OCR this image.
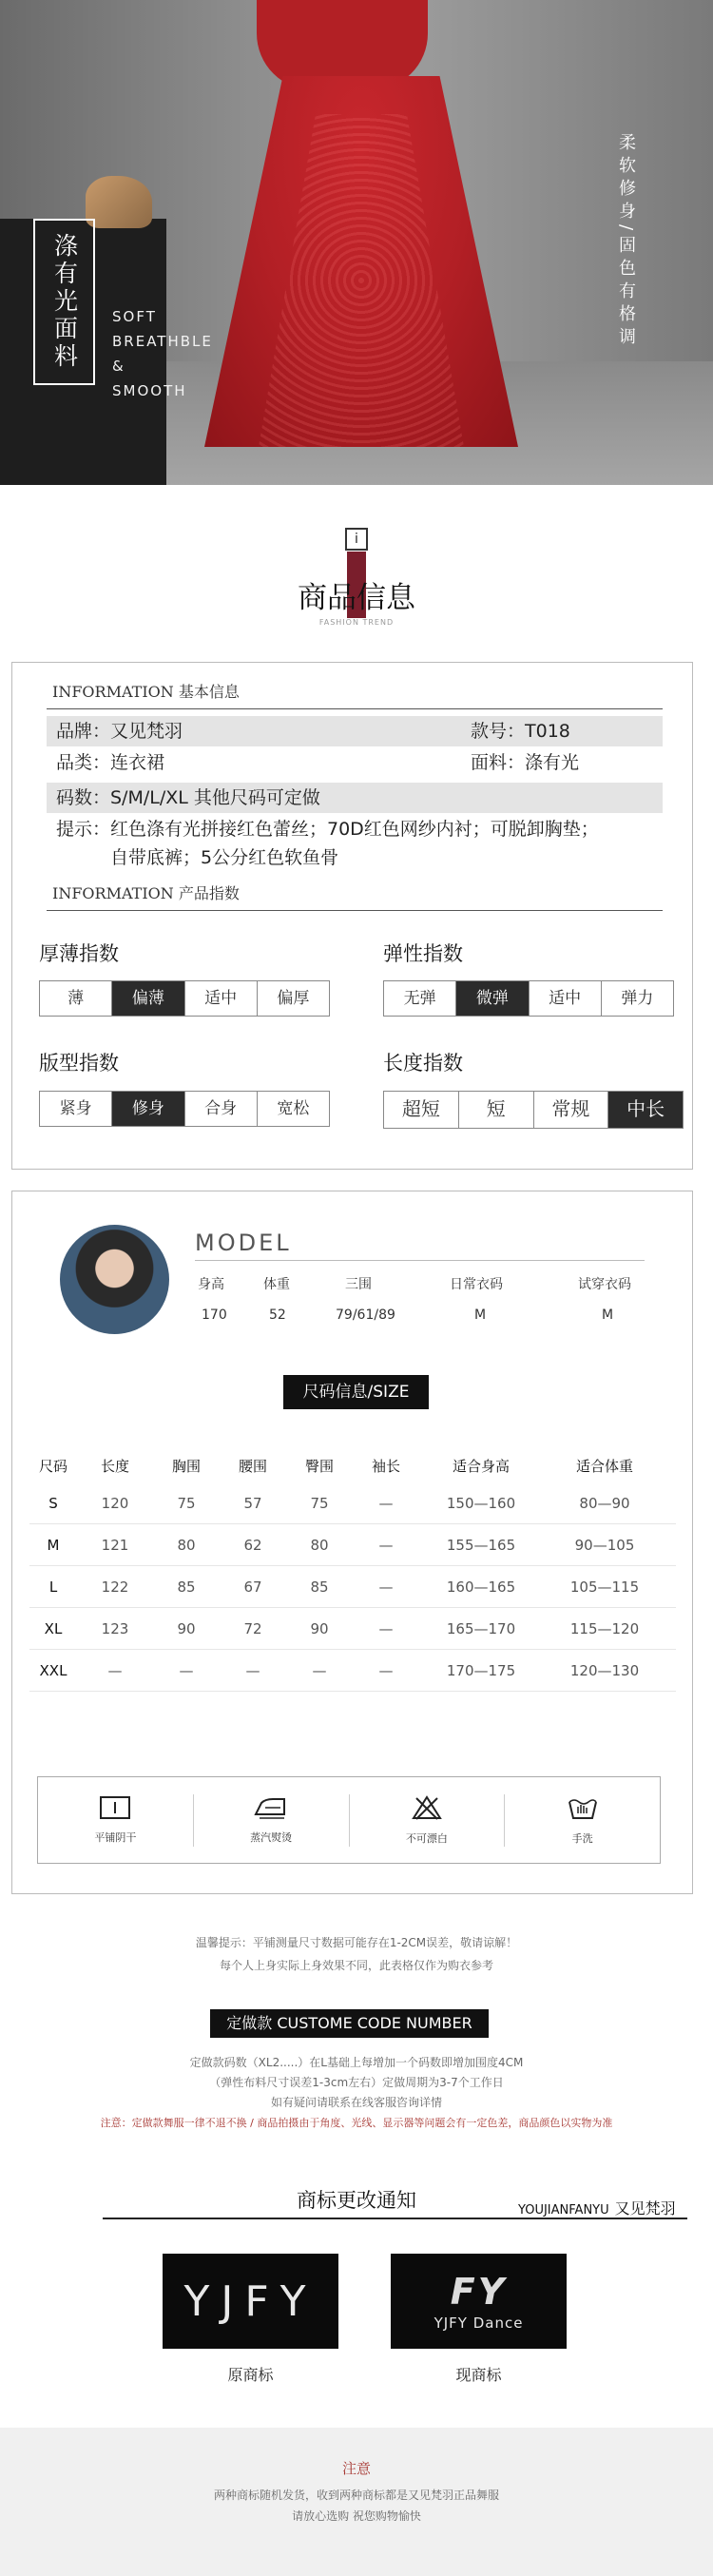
涤有光面料 SOFT
BREATHBLE
&
SMOOTH
柔软修身/固色有格调
i
商品信息
FASHION TREND
INFORMATION 基本信息
品牌：又见梵羽	款号：T018
品类：连衣裙	面料：涤有光
码数：S/M/L/XL 其他尺码可定做
提示：红色涤有光拼接红色蕾丝；70D红色网纱内衬；可脱卸胸垫；
自带底裤；5公分红色软鱼骨
INFORMATION 产品指数
厚薄指数
薄	偏薄	适中	偏厚
弹性指数
无弹	微弹	适中	弹力
版型指数
紧身	修身	合身	宽松
长度指数
超短	短	常规	中长
MODEL
身高	体重	三围	日常衣码	试穿衣码
170	52	79/61/89	M	M
尺码信息/SIZE
尺码	长度	胸围	腰围	臀围	袖长	适合身高	适合体重
S	120	75	57	75	—	150—160	80—90
M	121	80	62	80	—	155—165	90—105
L	122	85	67	85	—	160—165	105—115
XL	123	90	72	90	—	165—170	115—120
XXL	—	—	—	—	—	170—175	120—130
平铺阴干	蒸汽熨烫	不可漂白	手洗
温馨提示：平铺测量尺寸数据可能存在1-2CM误差，敬请谅解！
每个人上身实际上身效果不同，此表格仅作为购衣参考
定做款 CUSTOME CODE NUMBER
定做款码数（XL2.....）在L基础上每增加一个码数即增加围度4CM
（弹性布料尺寸误差1-3cm左右）定做周期为3-7个工作日
如有疑问请联系在线客服咨询详情
注意：定做款舞服一律不退不换 / 商品拍摄由于角度、光线、显示器等问题会有一定色差，商品颜色以实物为准
商标更改通知	YOUJIANFANYU 又见梵羽
YJFY	FY
YJFY Dance
原商标	现商标
注意
两种商标随机发货，收到两种商标都是又见梵羽正品舞服
请放心选购 祝您购物愉快
